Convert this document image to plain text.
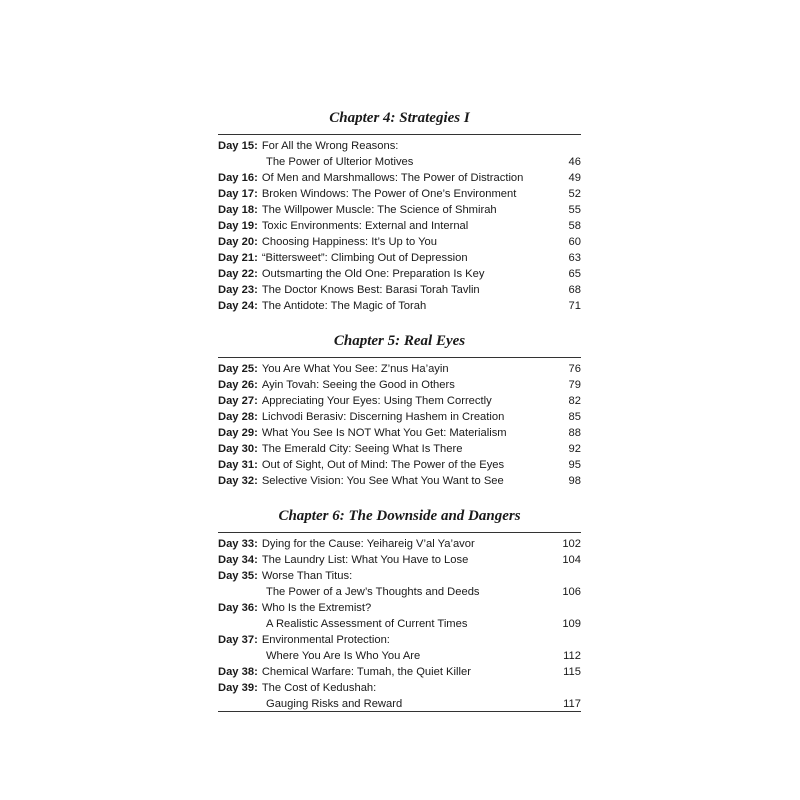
Chapter 4: Strategies I
Day 15: For All the Wrong Reasons:
The Power of Ulterior Motives	46
Day 16: Of Men and Marshmallows: The Power of Distraction	49
Day 17: Broken Windows: The Power of One’s Environment	52
Day 18: The Willpower Muscle: The Science of Shmirah	55
Day 19: Toxic Environments: External and Internal	58
Day 20: Choosing Happiness: It’s Up to You	60
Day 21: “Bittersweet”: Climbing Out of Depression	63
Day 22: Outsmarting the Old One: Preparation Is Key	65
Day 23: The Doctor Knows Best: Barasi Torah Tavlin	68
Day 24: The Antidote: The Magic of Torah	71
Chapter 5: Real Eyes
Day 25: You Are What You See: Z’nus Ha’ayin	76
Day 26: Ayin Tovah: Seeing the Good in Others	79
Day 27: Appreciating Your Eyes: Using Them Correctly	82
Day 28: Lichvodi Berasiv: Discerning Hashem in Creation	85
Day 29: What You See Is NOT What You Get: Materialism	88
Day 30: The Emerald City: Seeing What Is There	92
Day 31: Out of Sight, Out of Mind: The Power of the Eyes	95
Day 32: Selective Vision: You See What You Want to See	98
Chapter 6: The Downside and Dangers
Day 33: Dying for the Cause: Yeihareig V’al Ya’avor	102
Day 34: The Laundry List: What You Have to Lose	104
Day 35: Worse Than Titus:
The Power of a Jew’s Thoughts and Deeds	106
Day 36: Who Is the Extremist?
A Realistic Assessment of Current Times	109
Day 37: Environmental Protection:
Where You Are Is Who You Are	112
Day 38: Chemical Warfare: Tumah, the Quiet Killer	115
Day 39: The Cost of Kedushah:
Gauging Risks and Reward	117
